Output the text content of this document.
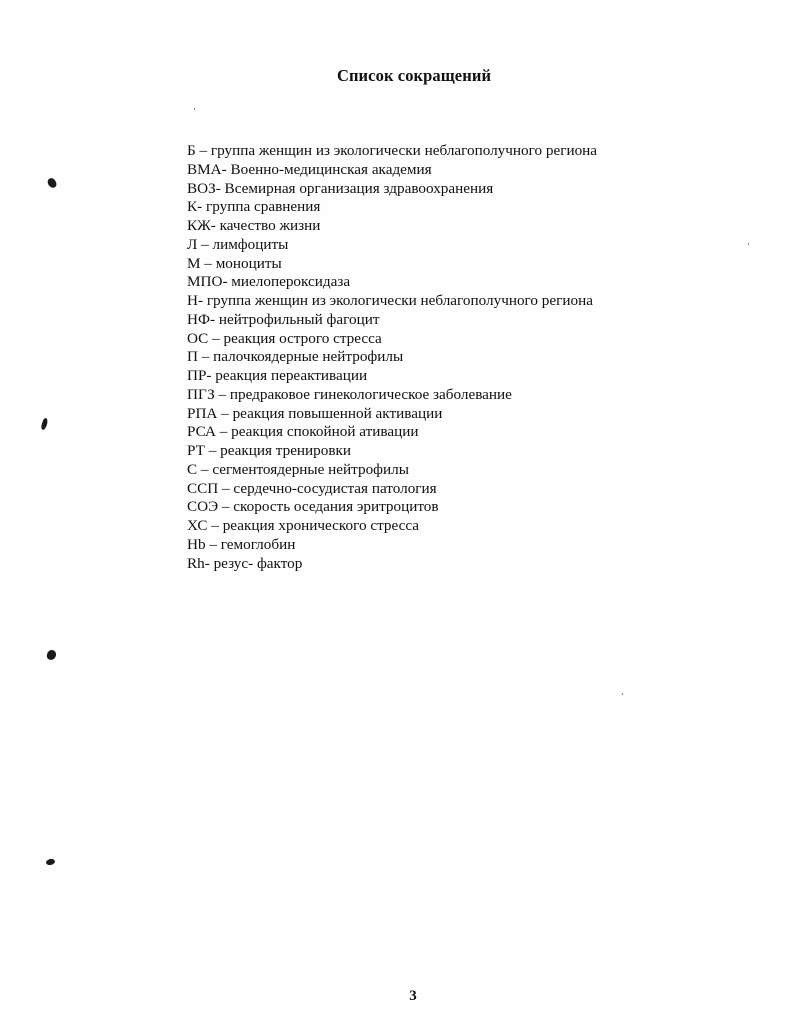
Список сокращений
Б – группа женщин из экологически неблагополучного региона
ВМА- Военно-медицинская академия
ВОЗ- Всемирная организация здравоохранения
К- группа сравнения
КЖ- качество жизни
Л – лимфоциты
М – моноциты
МПО- миелопероксидаза
Н- группа женщин из экологически неблагополучного региона
НФ- нейтрофильный фагоцит
ОС – реакция острого стресса
П – палочкоядерные нейтрофилы
ПР- реакция переактивации
ПГЗ – предраковое гинекологическое заболевание
РПА – реакция повышенной активации
РСА – реакция спокойной ативации
РТ – реакция тренировки
С – сегментоядерные нейтрофилы
ССП – сердечно-сосудистая патология
СОЭ – скорость оседания эритроцитов
ХС – реакция хронического стресса
Hb – гемоглобин
Rh- резус- фактор
3
